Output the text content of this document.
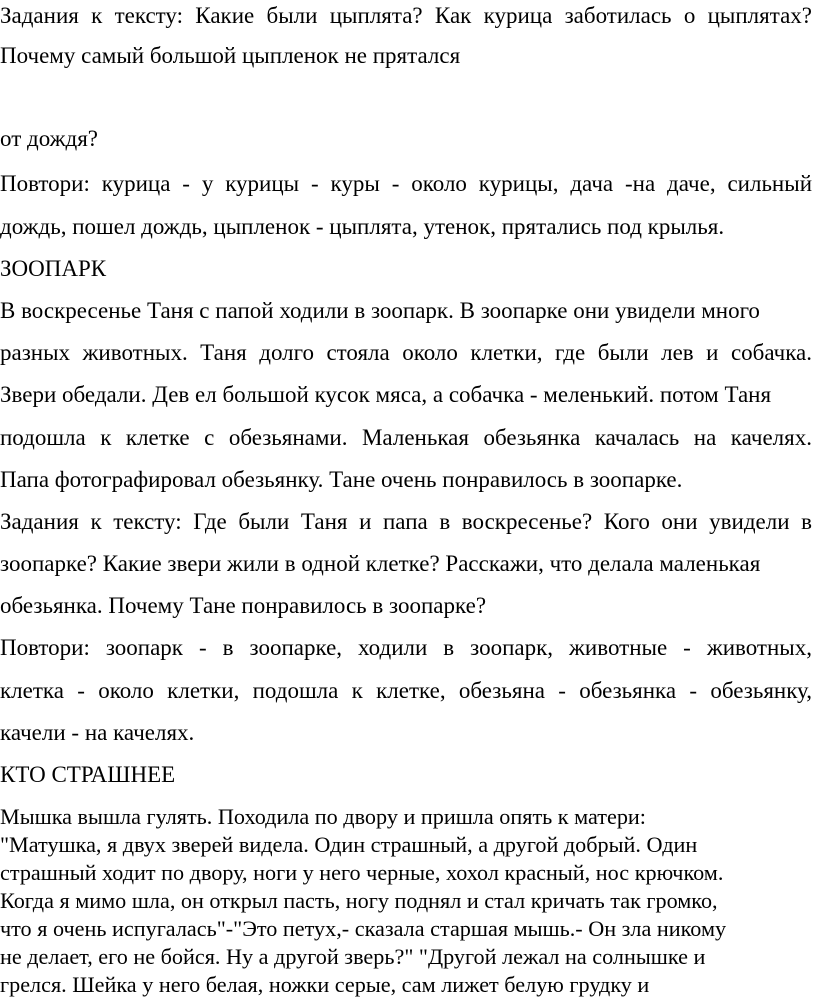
Задания к тексту: Какие были цыплята? Как курица заботилась о цыплятах?
Почему самый большой цыпленок не прятался
от дождя?
Повтори: курица - у курицы - куры - около курицы, дача -на даче, сильный
дождь, пошел дождь, цыпленок - цыплята, утенок, прятались под крылья.
ЗООПАРК
В воскресенье Таня с папой ходили в зоопарк. В зоопарке они увидели много
разных животных. Таня долго стояла около клетки, где были лев и собачка.
Звери обедали. Дев ел большой кусок мяса, а собачка - меленький. потом Таня
подошла к клетке с обезьянами. Маленькая обезьянка качалась на качелях.
Папа фотографировал обезьянку. Тане очень понравилось в зоопарке.
Задания к тексту: Где были Таня и папа в воскресенье? Кого они увидели в
зоопарке? Какие звери жили в одной клетке? Расскажи, что делала маленькая
обезьянка. Почему Тане понравилось в зоопарке?
Повтори: зоопарк - в зоопарке, ходили в зоопарк, животные - животных,
клетка - около клетки, подошла к клетке, обезьяна - обезьянка - обезьянку,
качели - на качелях.
КТО СТРАШНЕЕ
Мышка вышла гулять. Походила по двору и пришла опять к матери:
"Матушка, я двух зверей видела. Один страшный, а другой добрый. Один
страшный ходит по двору, ноги у него черные, хохол красный, нос крючком.
Когда я мимо шла, он открыл пасть, ногу поднял и стал кричать так громко,
что я очень испугалась"-"Это петух,- сказала старшая мышь.- Он зла никому
не делает, его не бойся. Ну а другой зверь?" "Другой лежал на солнышке и
грелся. Шейка у него белая, ножки серые, сам лижет белую грудку и
